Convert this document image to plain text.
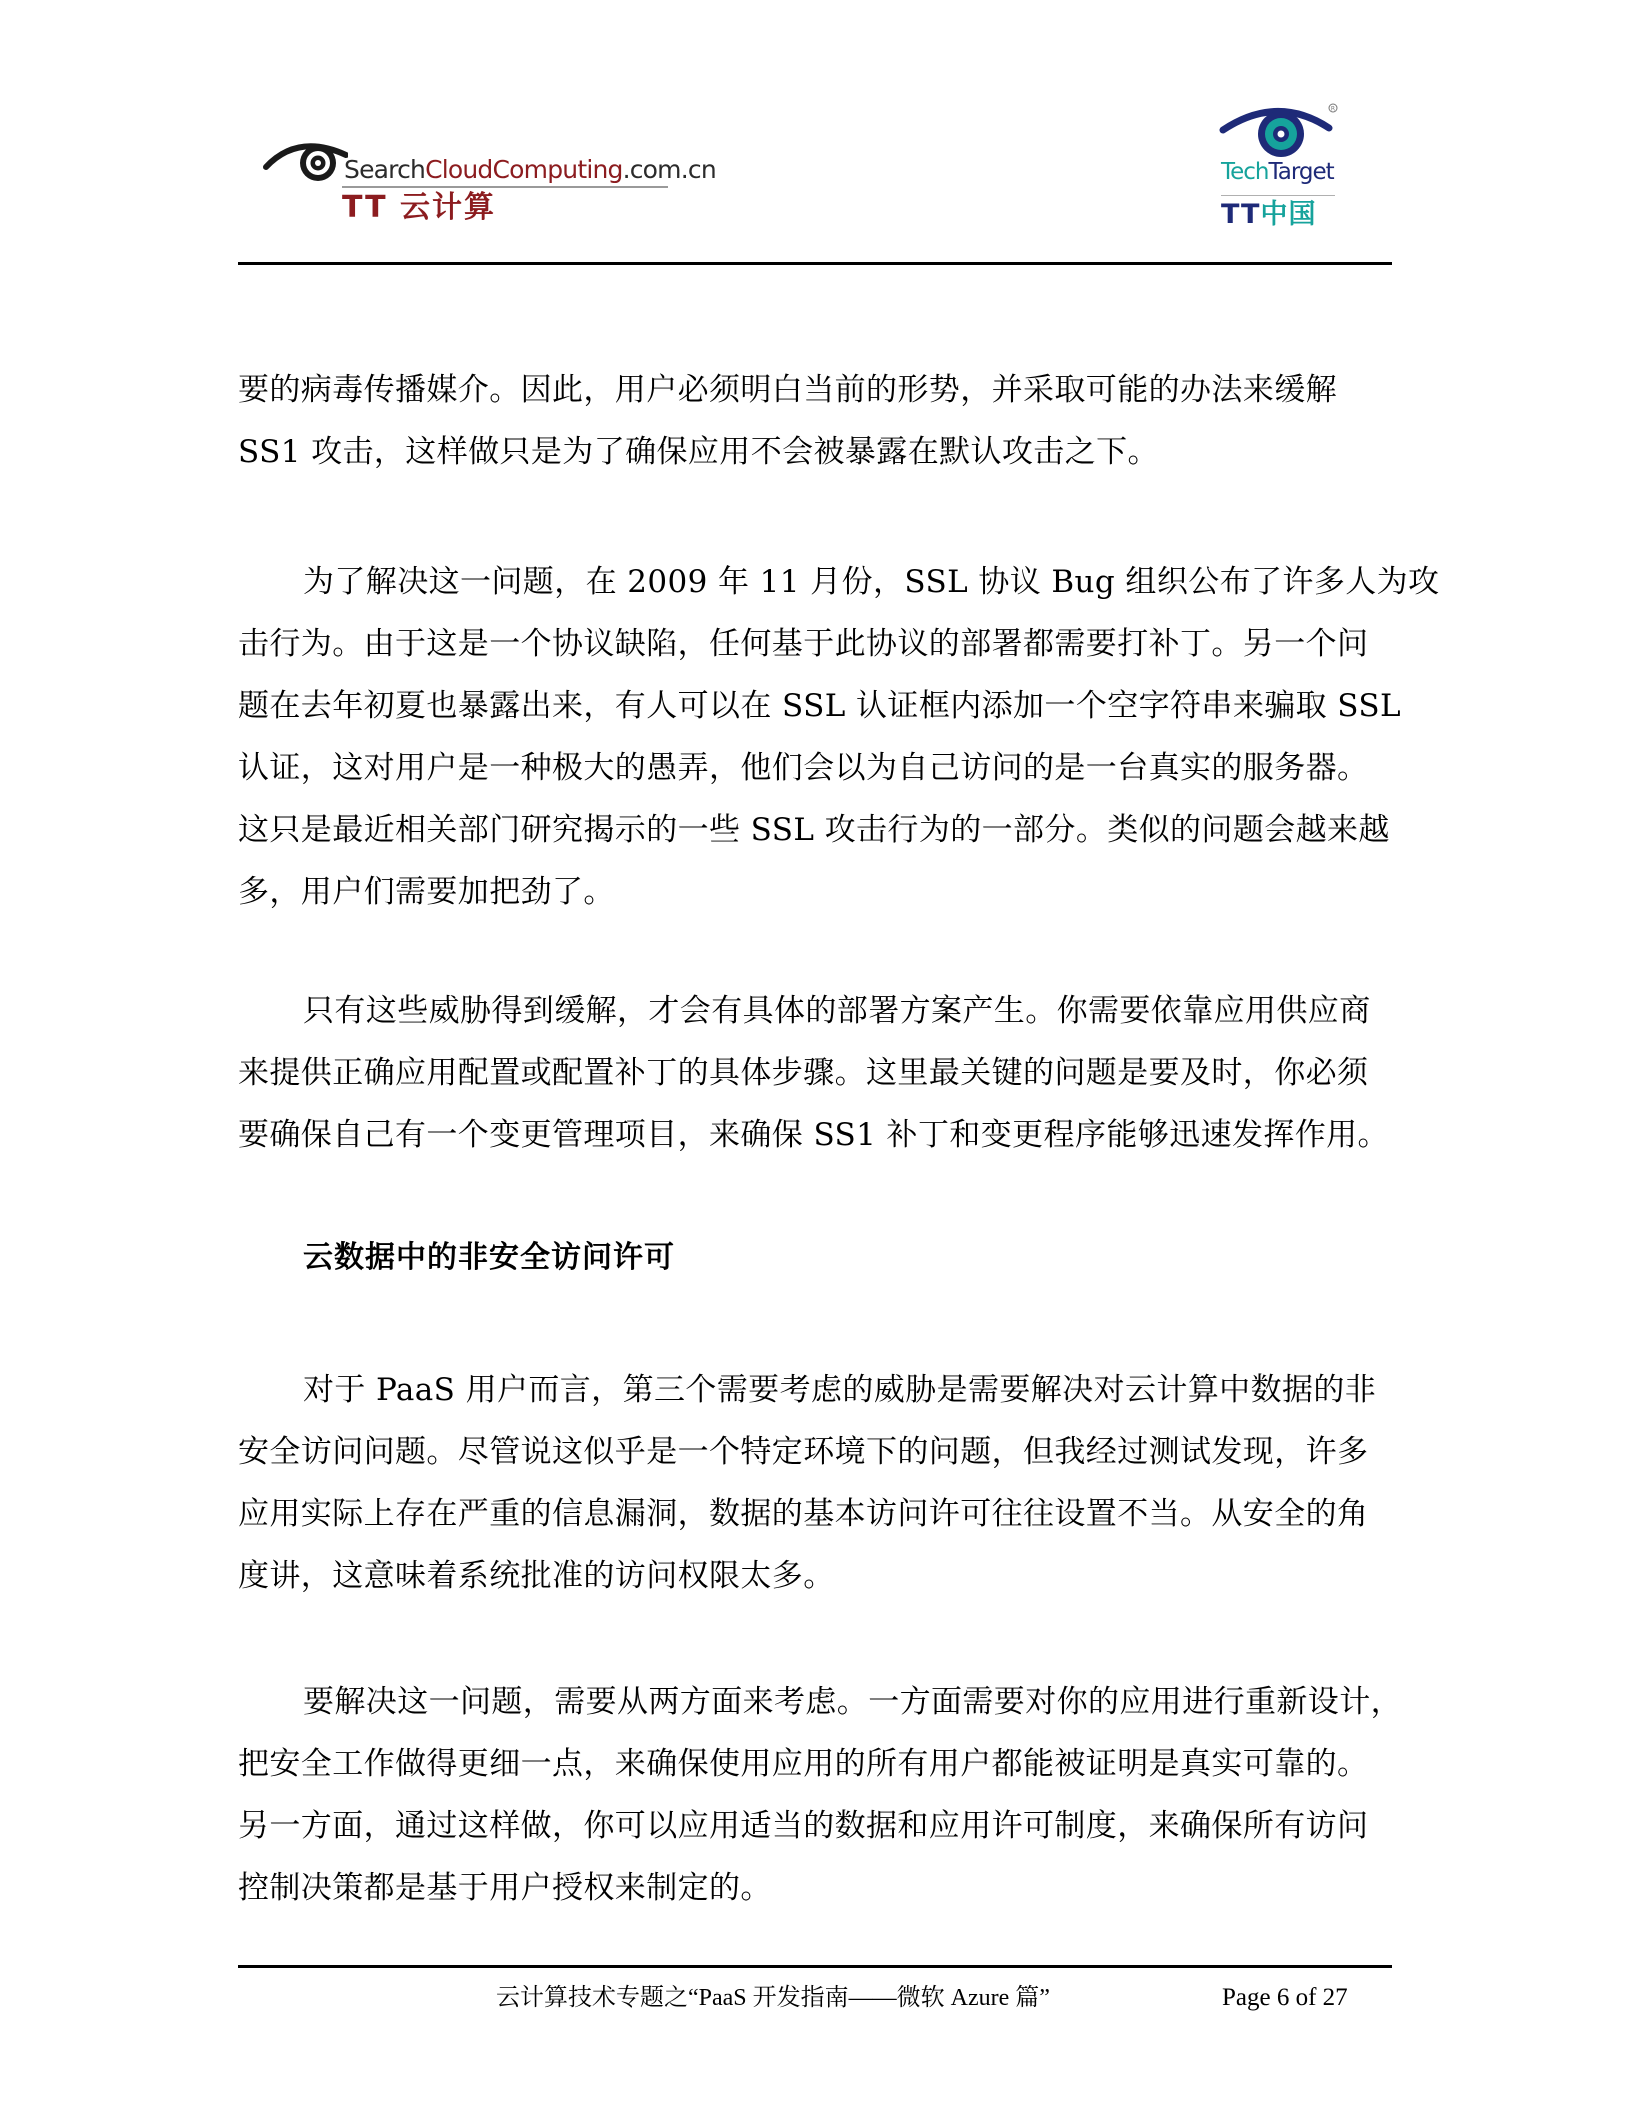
SearchCloudComputing.com.cn
TT 云计算
R
TechTarget
TT中国
要的病毒传播媒介。因此，用户必须明白当前的形势，并采取可能的办法来缓解
SS1 攻击，这样做只是为了确保应用不会被暴露在默认攻击之下。
为了解决这一问题，在 2009 年 11 月份，SSL 协议 Bug 组织公布了许多人为攻
击行为。由于这是一个协议缺陷，任何基于此协议的部署都需要打补丁。另一个问
题在去年初夏也暴露出来，有人可以在 SSL 认证框内添加一个空字符串来骗取 SSL
认证，这对用户是一种极大的愚弄，他们会以为自己访问的是一台真实的服务器。
这只是最近相关部门研究揭示的一些 SSL 攻击行为的一部分。类似的问题会越来越
多，用户们需要加把劲了。
只有这些威胁得到缓解，才会有具体的部署方案产生。你需要依靠应用供应商
来提供正确应用配置或配置补丁的具体步骤。这里最关键的问题是要及时，你必须
要确保自己有一个变更管理项目，来确保 SS1 补丁和变更程序能够迅速发挥作用。
云数据中的非安全访问许可
对于 PaaS 用户而言，第三个需要考虑的威胁是需要解决对云计算中数据的非
安全访问问题。尽管说这似乎是一个特定环境下的问题，但我经过测试发现，许多
应用实际上存在严重的信息漏洞，数据的基本访问许可往往设置不当。从安全的角
度讲，这意味着系统批准的访问权限太多。
要解决这一问题，需要从两方面来考虑。一方面需要对你的应用进行重新设计，
把安全工作做得更细一点，来确保使用应用的所有用户都能被证明是真实可靠的。
另一方面，通过这样做，你可以应用适当的数据和应用许可制度，来确保所有访问
控制决策都是基于用户授权来制定的。
云计算技术专题之“PaaS 开发指南——微软 Azure 篇”	Page 6 of 27
